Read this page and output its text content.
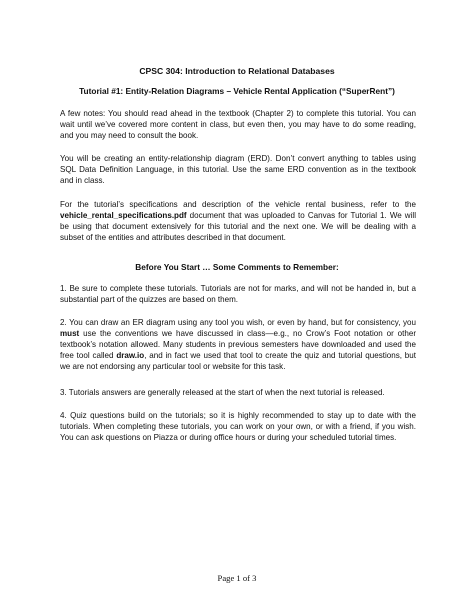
CPSC 304: Introduction to Relational Databases
Tutorial #1: Entity-Relation Diagrams – Vehicle Rental Application (“SuperRent”)

A few notes: You should read ahead in the textbook (Chapter 2) to complete this tutorial. You can wait until we’ve covered more content in class, but even then, you may have to do some reading, and you may need to consult the book.

You will be creating an entity-relationship diagram (ERD). Don’t convert anything to tables using SQL Data Definition Language, in this tutorial. Use the same ERD convention as in the textbook and in class.

For the tutorial’s specifications and description of the vehicle rental business, refer to the vehicle_rental_specifications.pdf document that was uploaded to Canvas for Tutorial 1. We will be using that document extensively for this tutorial and the next one. We will be dealing with a subset of the entities and attributes described in that document.

Before You Start … Some Comments to Remember:

1. Be sure to complete these tutorials. Tutorials are not for marks, and will not be handed in, but a substantial part of the quizzes are based on them.

2. You can draw an ER diagram using any tool you wish, or even by hand, but for consistency, you must use the conventions we have discussed in class—e.g., no Crow’s Foot notation or other textbook’s notation allowed. Many students in previous semesters have downloaded and used the free tool called draw.io, and in fact we used that tool to create the quiz and tutorial questions, but we are not endorsing any particular tool or website for this task.

3. Tutorials answers are generally released at the start of when the next tutorial is released.

4. Quiz questions build on the tutorials; so it is highly recommended to stay up to date with the tutorials. When completing these tutorials, you can work on your own, or with a friend, if you wish. You can ask questions on Piazza or during office hours or during your scheduled tutorial times.

Page 1 of 3
